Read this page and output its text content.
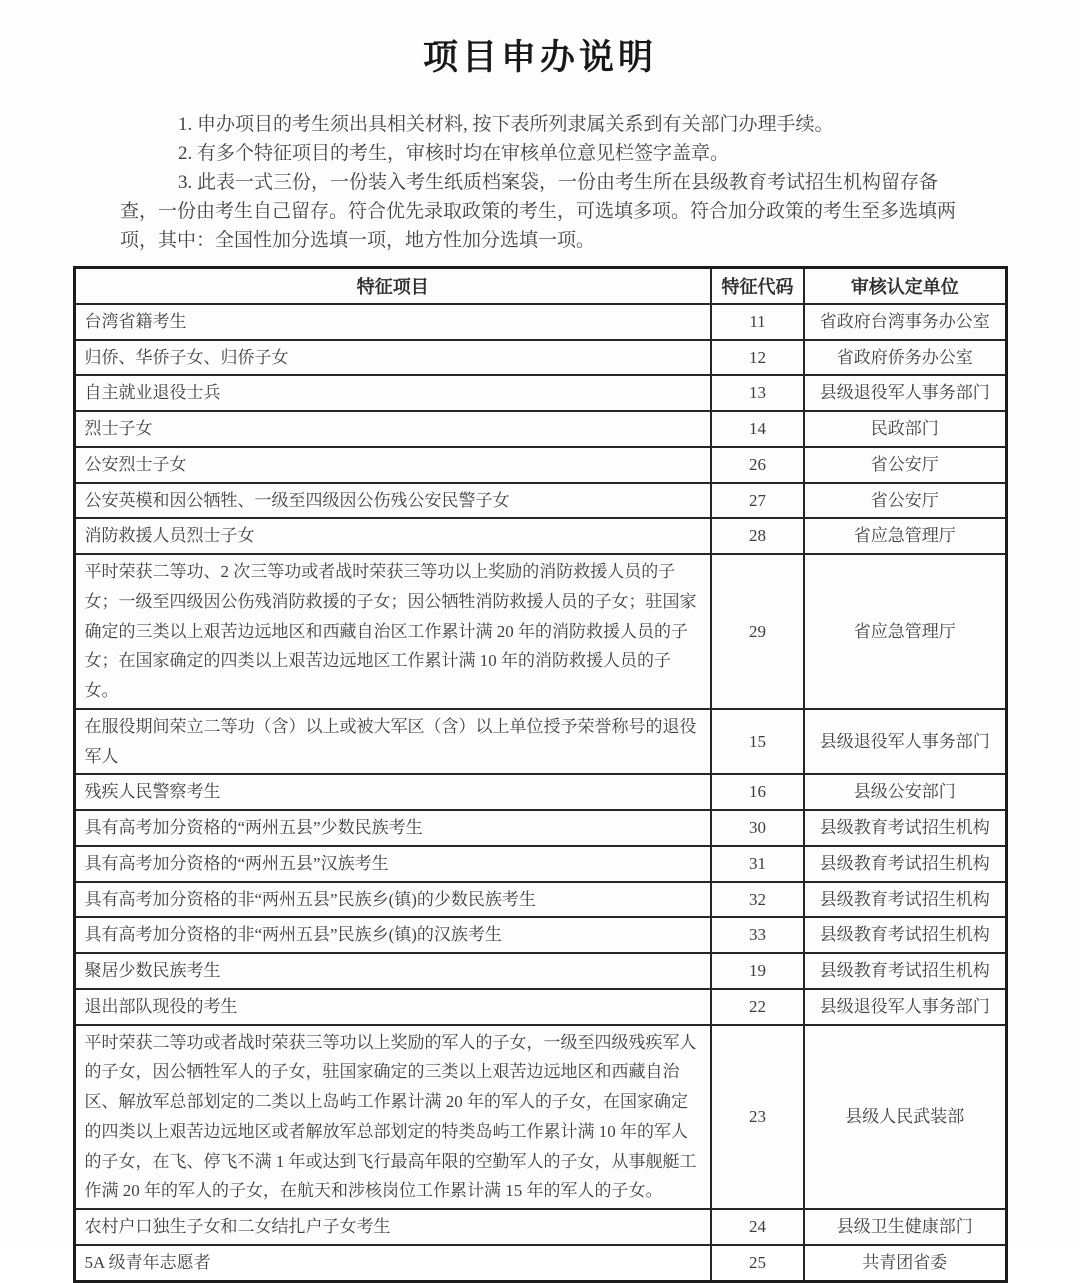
项目申办说明

1. 申办项目的考生须出具相关材料, 按下表所列隶属关系到有关部门办理手续。

2. 有多个特征项目的考生，审核时均在审核单位意见栏签字盖章。

3. 此表一式三份，一份装入考生纸质档案袋，一份由考生所在县级教育考试招生机构留存备查，一份由考生自己留存。符合优先录取政策的考生，可选填多项。符合加分政策的考生至多选填两项，其中：全国性加分选填一项，地方性加分选填一项。

特征项目	特征代码	审核认定单位
台湾省籍考生	11	省政府台湾事务办公室
归侨、华侨子女、归侨子女	12	省政府侨务办公室
自主就业退役士兵	13	县级退役军人事务部门
烈士子女	14	民政部门
公安烈士子女	26	省公安厅
公安英模和因公牺牲、一级至四级因公伤残公安民警子女	27	省公安厅
消防救援人员烈士子女	28	省应急管理厅
平时荣获二等功、2 次三等功或者战时荣获三等功以上奖励的消防救援人员的子女；一级至四级因公伤残消防救援的子女；因公牺牲消防救援人员的子女；驻国家确定的三类以上艰苦边远地区和西藏自治区工作累计满 20 年的消防救援人员的子女；在国家确定的四类以上艰苦边远地区工作累计满 10 年的消防救援人员的子女。	29	省应急管理厅
在服役期间荣立二等功（含）以上或被大军区（含）以上单位授予荣誉称号的退役军人	15	县级退役军人事务部门
残疾人民警察考生	16	县级公安部门
具有高考加分资格的“两州五县”少数民族考生	30	县级教育考试招生机构
具有高考加分资格的“两州五县”汉族考生	31	县级教育考试招生机构
具有高考加分资格的非“两州五县”民族乡(镇)的少数民族考生	32	县级教育考试招生机构
具有高考加分资格的非“两州五县”民族乡(镇)的汉族考生	33	县级教育考试招生机构
聚居少数民族考生	19	县级教育考试招生机构
退出部队现役的考生	22	县级退役军人事务部门
平时荣获二等功或者战时荣获三等功以上奖励的军人的子女，一级至四级残疾军人的子女，因公牺牲军人的子女，驻国家确定的三类以上艰苦边远地区和西藏自治区、解放军总部划定的二类以上岛屿工作累计满 20 年的军人的子女，在国家确定的四类以上艰苦边远地区或者解放军总部划定的特类岛屿工作累计满 10 年的军人的子女，在飞、停飞不满 1 年或达到飞行最高年限的空勤军人的子女，从事舰艇工作满 20 年的军人的子女，在航天和涉核岗位工作累计满 15 年的军人的子女。	23	县级人民武装部
农村户口独生子女和二女结扎户子女考生	24	县级卫生健康部门
5A 级青年志愿者	25	共青团省委
